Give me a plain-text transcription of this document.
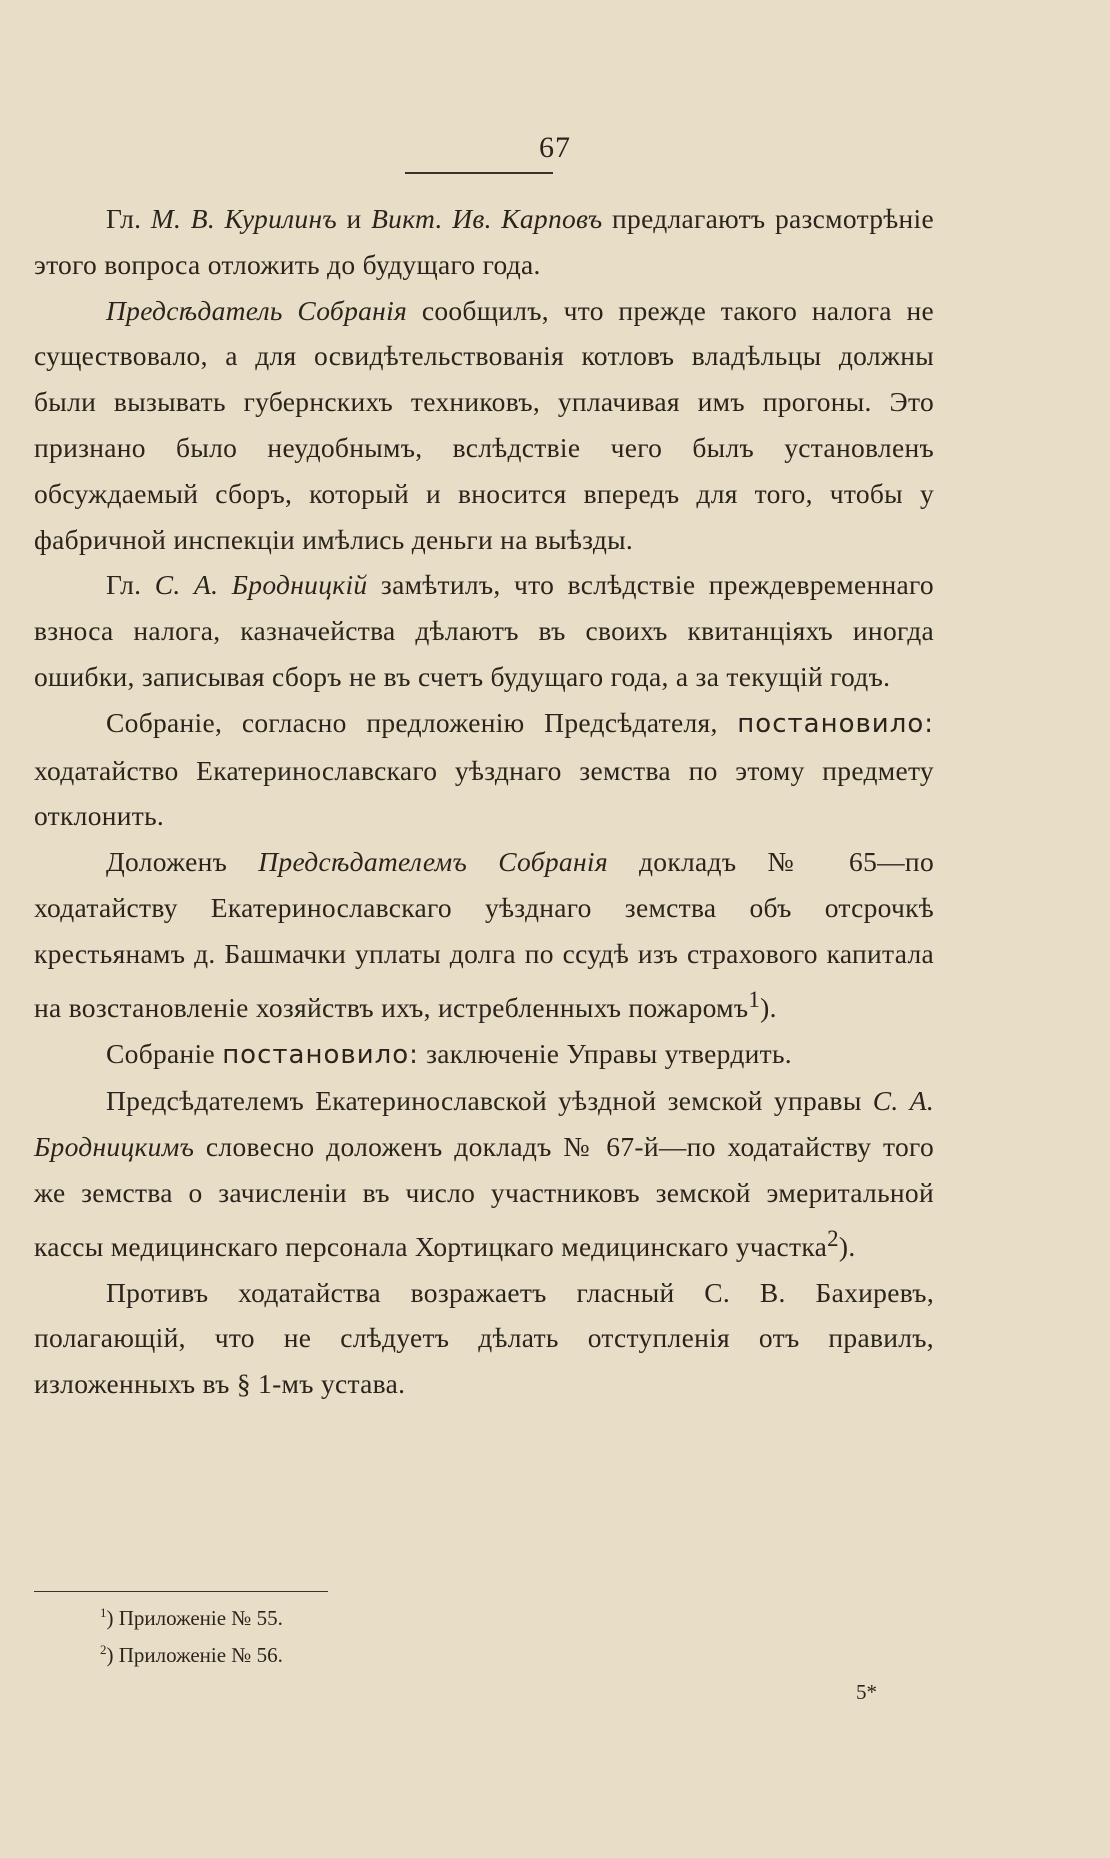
67

Гл. М. В. Курилинъ и Викт. Ив. Карповъ предлагаютъ разсмотрѣніе этого вопроса отложить до будущаго года.

Предсѣдатель Собранія сообщилъ, что прежде такого налога не существовало, а для освидѣтельствованія котловъ владѣльцы должны были вызывать губернскихъ техниковъ, уплачивая имъ прогоны. Это признано было неудобнымъ, вслѣдствіе чего былъ установленъ обсуждаемый сборъ, который и вносится впередъ для того, чтобы у фабричной инспекціи имѣлись деньги на выѣзды.

Гл. С. А. Бродницкій замѣтилъ, что вслѣдствіе преждевременнаго взноса налога, казначейства дѣлаютъ въ своихъ квитанціяхъ иногда ошибки, записывая сборъ не въ счетъ будущаго года, а за текущій годъ.

Собраніе, согласно предложенію Предсѣдателя, постановило: ходатайство Екатеринославскаго уѣзднаго земства по этому предмету отклонить.

Доложенъ Предсѣдателемъ Собранія докладъ № 65—по ходатайству Екатеринославскаго уѣзднаго земства объ отсрочкѣ крестьянамъ д. Башмачки уплаты долга по ссудѣ изъ страхового капитала на возстановленіе хозяйствъ ихъ, истребленныхъ пожаромъ$^1$).

Собраніе постановило: заключеніе Управы утвердить.

Предсѣдателемъ Екатеринославской уѣздной земской управы С. А. Бродницкимъ словесно доложенъ докладъ № 67-й—по ходатайству того же земства о зачисленіи въ число участниковъ земской эмеритальной кассы медицинскаго персонала Хортицкаго медицинскаго участка$^2$).

Противъ ходатайства возражаетъ гласный С. В. Бахиревъ, полагающій, что не слѣдуетъ дѣлать отступленія отъ правилъ, изложенныхъ въ § 1-мъ устава.

$^1$) Приложеніе № 55.
$^2$) Приложеніе № 56.
5*
